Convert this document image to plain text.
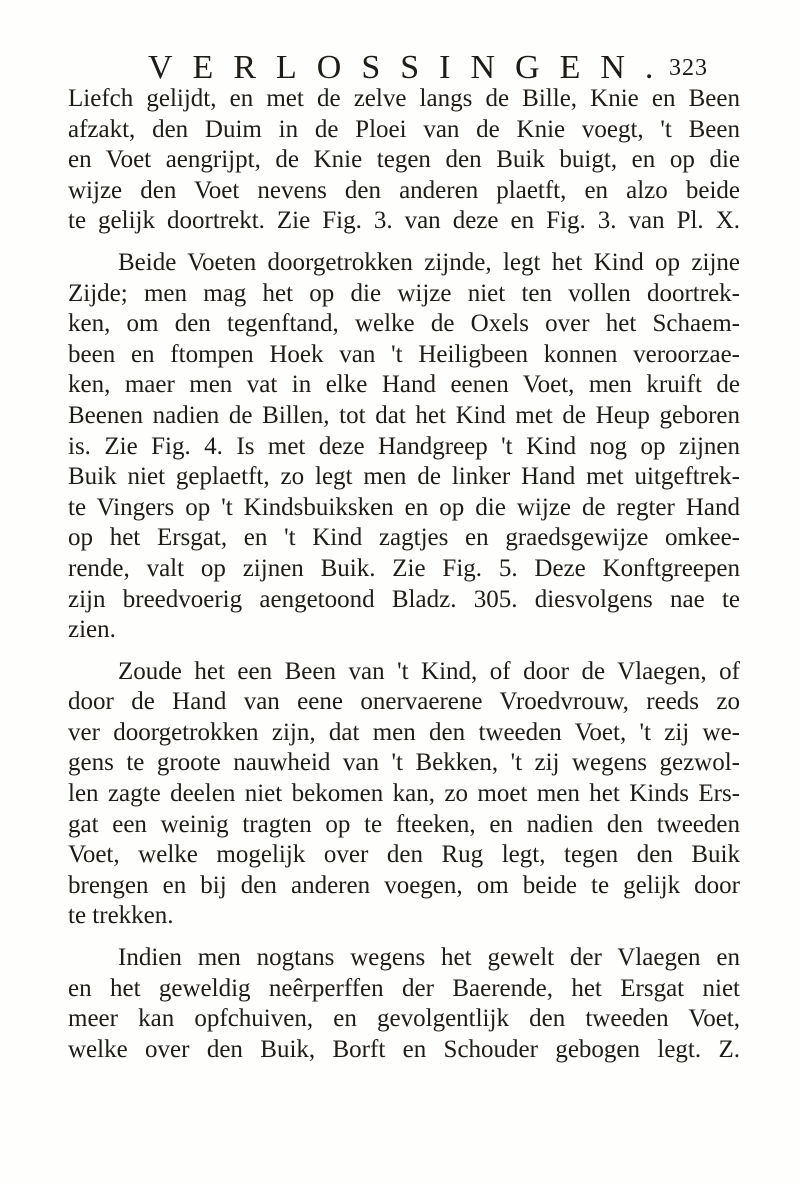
VERLOSSINGEN.
323
Liefch gelijdt, en met de zelve langs de Bille, Knie en Been
afzakt, den Duim in de Ploei van de Knie voegt, 't Been
en Voet aengrijpt, de Knie tegen den Buik buigt, en op die
wijze den Voet nevens den anderen plaetft, en alzo beide
te gelijk doortrekt. Zie Fig. 3. van deze en Fig. 3. van Pl. X.
Beide Voeten doorgetrokken zijnde, legt het Kind op zijne
Zijde; men mag het op die wijze niet ten vollen doortrek-
ken, om den tegenftand, welke de Oxels over het Schaem-
been en ftompen Hoek van 't Heiligbeen konnen veroorzae-
ken, maer men vat in elke Hand eenen Voet, men kruift de
Beenen nadien de Billen, tot dat het Kind met de Heup geboren
is. Zie Fig. 4. Is met deze Handgreep 't Kind nog op zijnen
Buik niet geplaetft, zo legt men de linker Hand met uitgeftrek-
te Vingers op 't Kindsbuiksken en op die wijze de regter Hand
op het Ersgat, en 't Kind zagtjes en graedsgewijze omkee-
rende, valt op zijnen Buik. Zie Fig. 5. Deze Konftgreepen
zijn breedvoerig aengetoond Bladz. 305. diesvolgens nae te
zien.
Zoude het een Been van 't Kind, of door de Vlaegen, of
door de Hand van eene onervaerene Vroedvrouw, reeds zo
ver doorgetrokken zijn, dat men den tweeden Voet, 't zij we-
gens te groote nauwheid van 't Bekken, 't zij wegens gezwol-
len zagte deelen niet bekomen kan, zo moet men het Kinds Ers-
gat een weinig tragten op te fteeken, en nadien den tweeden
Voet, welke mogelijk over den Rug legt, tegen den Buik
brengen en bij den anderen voegen, om beide te gelijk door
te trekken.
Indien men nogtans wegens het gewelt der Vlaegen en
en het geweldig neêrperffen der Baerende, het Ersgat niet
meer kan opfchuiven, en gevolgentlijk den tweeden Voet,
welke over den Buik, Borft en Schouder gebogen legt. Z.
